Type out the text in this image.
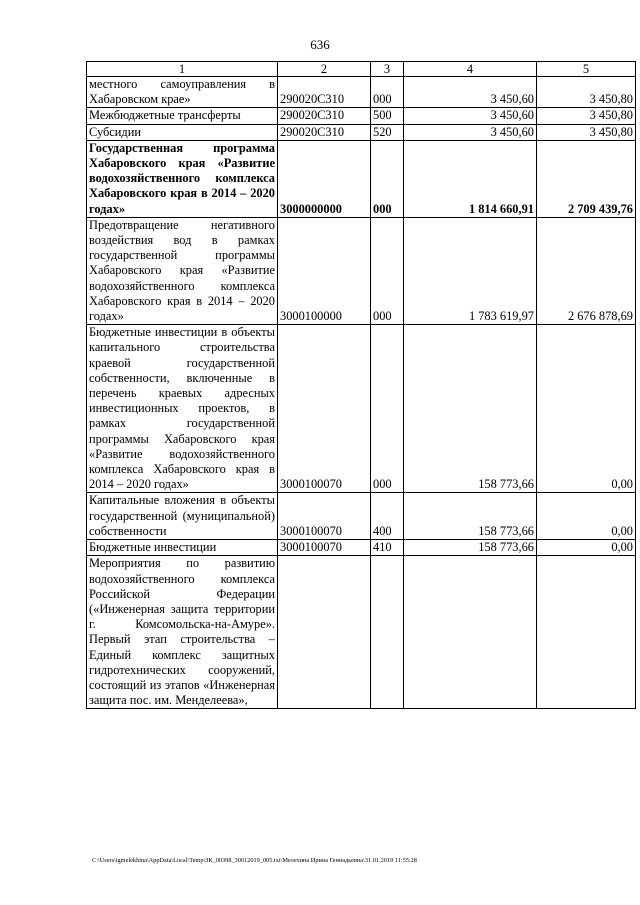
636
1	2	3	4	5
местного самоуправления в Хабаровском крае»	290020С310	000	3 450,60	3 450,80
Межбюджетные трансферты	290020С310	500	3 450,60	3 450,80
Субсидии	290020С310	520	3 450,60	3 450,80
Государственная программа Хабаровского края «Развитие водохозяйственного комплекса Хабаровского края в 2014 – 2020 годах»	3000000000	000	1 814 660,91	2 709 439,76
Предотвращение негативного воздействия вод в рамках государственной программы Хабаровского края «Развитие водохозяйственного комплекса Хабаровского края в 2014 – 2020 годах»	3000100000	000	1 783 619,97	2 676 878,69
Бюджетные инвестиции в объекты капитального строительства краевой государственной собственности, включенные в перечень краевых адресных инвестиционных проектов, в рамках государственной программы Хабаровского края «Развитие водохозяйственного комплекса Хабаровского края в 2014 – 2020 годах»	3000100070	000	158 773,66	0,00
Капитальные вложения в объекты государственной (муниципальной) собственности	3000100070	400	158 773,66	0,00
Бюджетные инвестиции	3000100070	410	158 773,66	0,00
Мероприятия по развитию водохозяйственного комплекса Российской Федерации («Инженерная защита территории г. Комсомольска-на-Амуре». Первый этап строительства – Единый комплекс защитных гидротехнических сооружений, состоящий из этапов «Инженерная защита пос. им. Менделеева»,				
C:\Users\igmelekhina\AppData\Local\Temp\ЗК_00398_30012019_005.txt\Мелехина Ирина Геннадьевна\31.01.2019 11:55:28
